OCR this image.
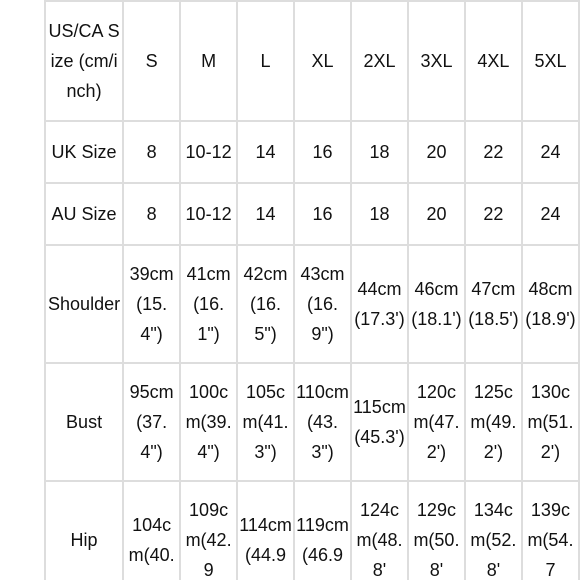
US/CA Size (cm/inch)	S	M	L	XL	2XL	3XL	4XL	5XL
UK Size	8	10-12	14	16	18	20	22	24
AU Size	8	10-12	14	16	18	20	22	24
Shoulder	39cm(15.4")	41cm(16.1")	42cm(16.5")	43cm(16.9")	44cm(17.3')	46cm(18.1')	47cm(18.5')	48cm(18.9')
Bust	95cm(37.4")	100cm(39.4")	105cm(41.3")	110cm(43.3")	115cm(45.3')	120cm(47.2')	125cm(49.2')	130cm(51.2')
Hip	104cm(40.	109cm(42.9	114cm(44.9	119cm(46.9	124cm(48.8'	129cm(50.8'	134cm(52.8'	139cm(54.7
